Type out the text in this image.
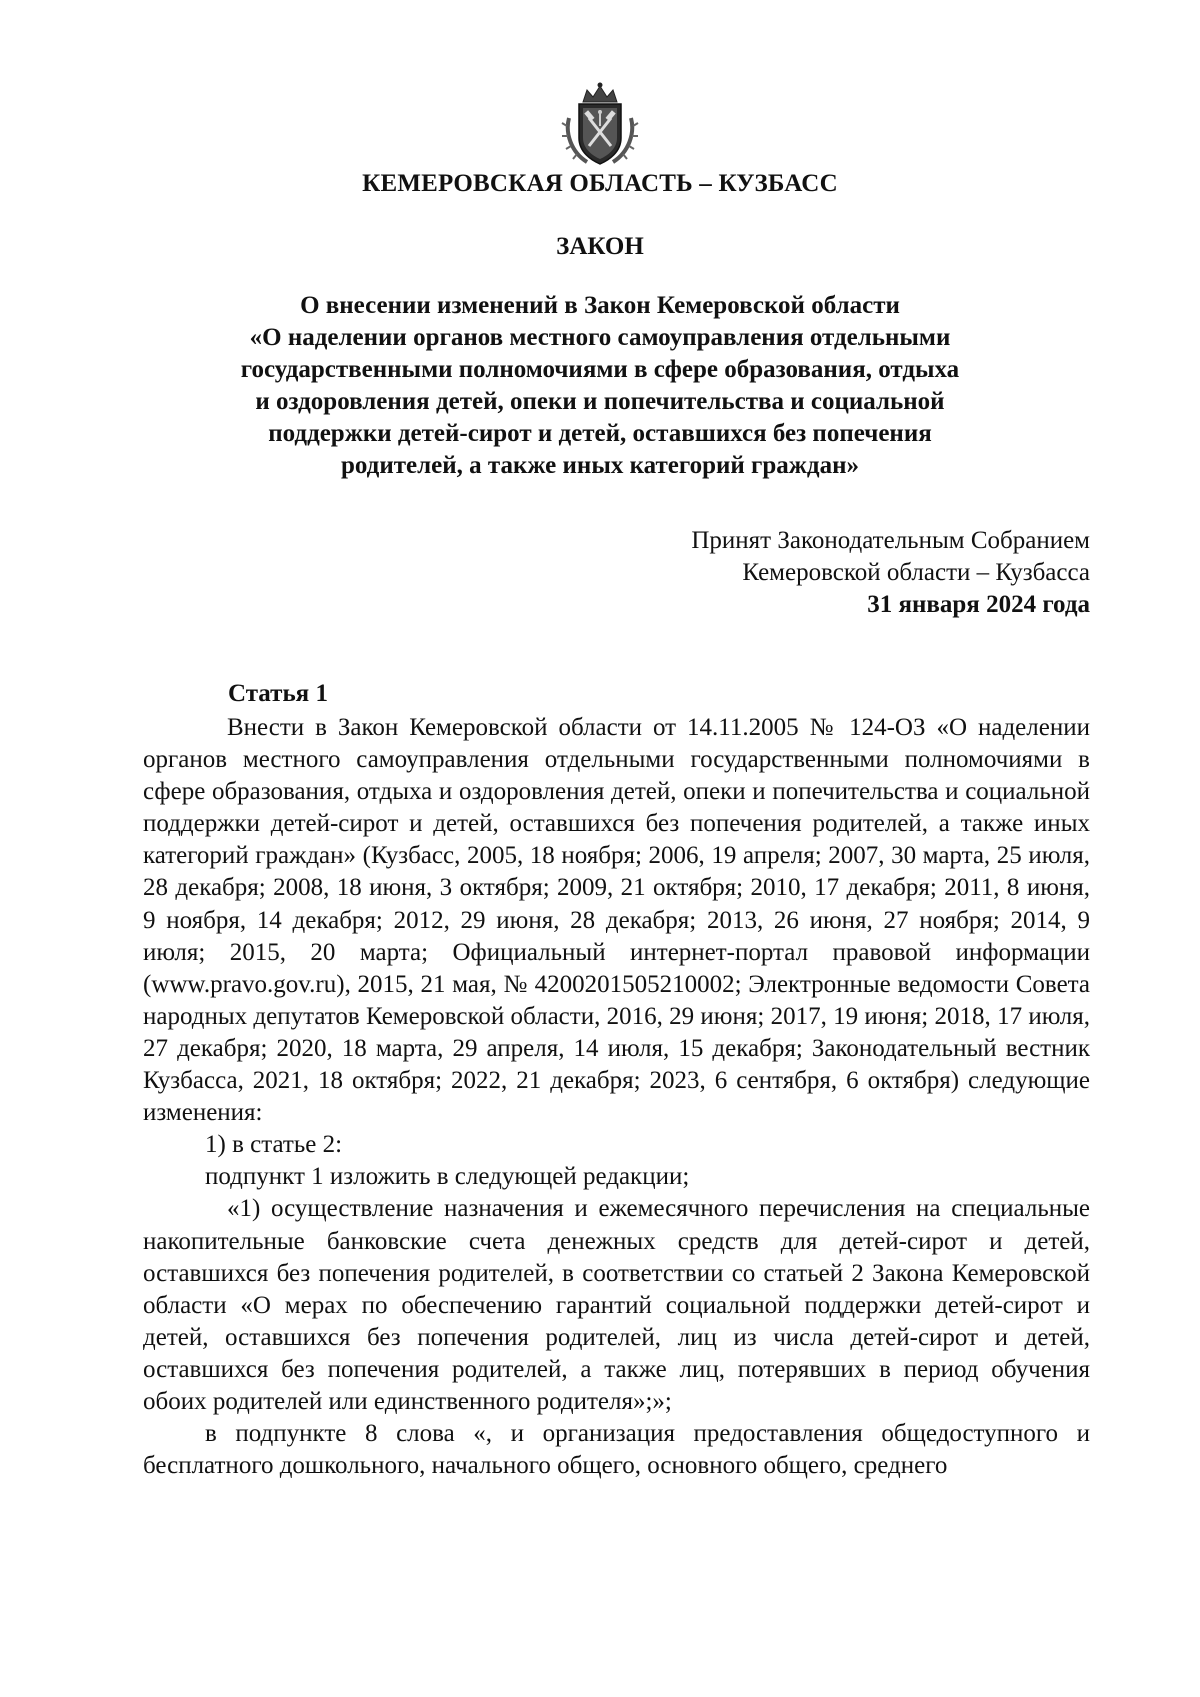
КЕМЕРОВСКАЯ ОБЛАСТЬ – КУЗБАСС
ЗАКОН
О внесении изменений в Закон Кемеровской области
«О наделении органов местного самоуправления отдельными
государственными полномочиями в сфере образования, отдыха
и оздоровления детей, опеки и попечительства и социальной
поддержки детей-сирот и детей, оставшихся без попечения
родителей, а также иных категорий граждан»
Принят Законодательным Собранием
Кемеровской области – Кузбасса
31 января 2024 года
Статья 1

Внести в Закон Кемеровской области от 14.11.2005 № 124-ОЗ «О наделении органов местного самоуправления отдельными государственными полномочиями в сфере образования, отдыха и оздоровления детей, опеки и попечительства и социальной поддержки детей-сирот и детей, оставшихся без попечения родителей, а также иных категорий граждан» (Кузбасс, 2005, 18 ноября; 2006, 19 апреля; 2007, 30 марта, 25 июля, 28 декабря; 2008, 18 июня, 3 октября; 2009, 21 октября; 2010, 17 декабря; 2011, 8 июня, 9 ноября, 14 декабря; 2012, 29 июня, 28 декабря; 2013, 26 июня, 27 ноября; 2014, 9 июля; 2015, 20 марта; Официальный интернет-портал правовой информации (www.pravo.gov.ru), 2015, 21 мая, № 4200201505210002; Электронные ведомости Совета народных депутатов Кемеровской области, 2016, 29 июня; 2017, 19 июня; 2018, 17 июля, 27 декабря; 2020, 18 марта, 29 апреля, 14 июля, 15 декабря; Законодательный вестник Кузбасса, 2021, 18 октября; 2022, 21 декабря; 2023, 6 сентября, 6 октября) следующие изменения:

1) в статье 2:

подпункт 1 изложить в следующей редакции;

«1) осуществление назначения и ежемесячного перечисления на специальные накопительные банковские счета денежных средств для детей-сирот и детей, оставшихся без попечения родителей, в соответствии со статьей 2 Закона Кемеровской области «О мерах по обеспечению гарантий социальной поддержки детей-сирот и детей, оставшихся без попечения родителей, лиц из числа детей-сирот и детей, оставшихся без попечения родителей, а также лиц, потерявших в период обучения обоих родителей или единственного родителя»;»;

в подпункте 8 слова «, и организация предоставления общедоступного и бесплатного дошкольного, начального общего, основного общего, среднего
